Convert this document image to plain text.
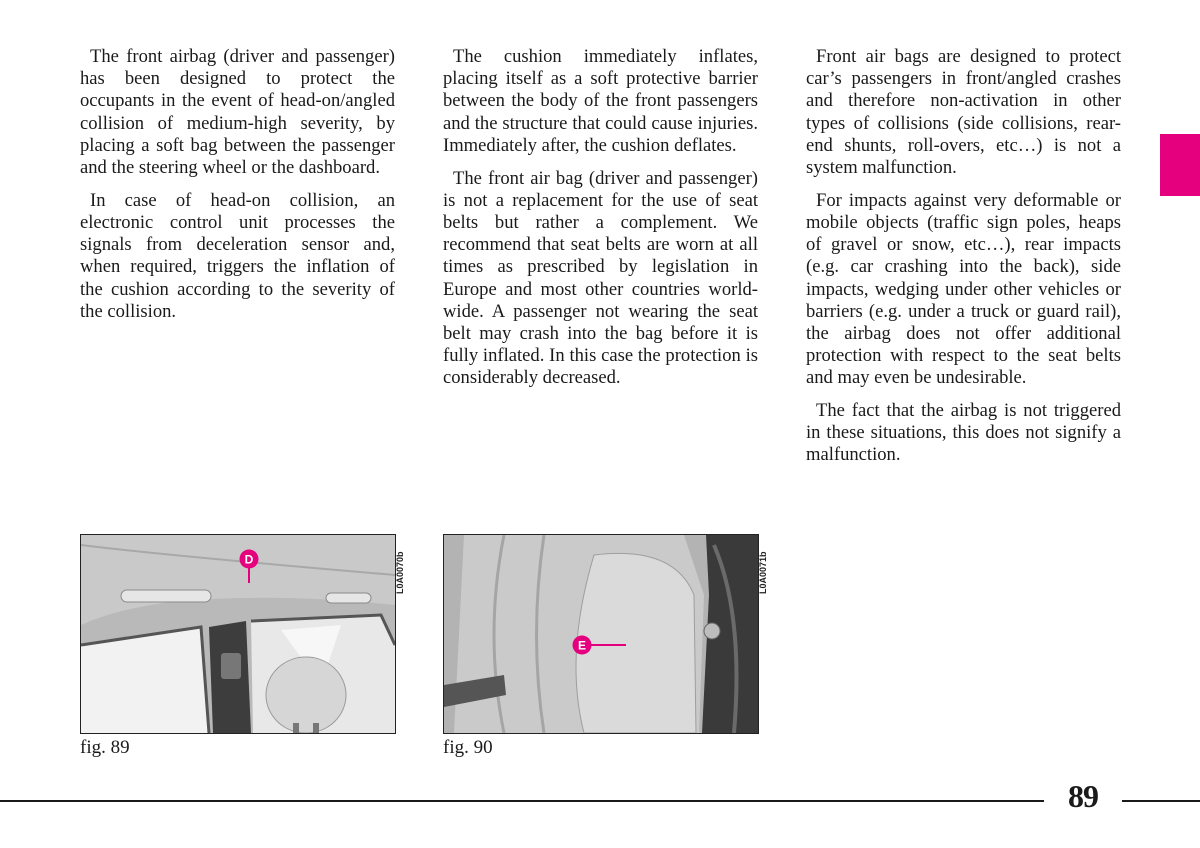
The front airbag (driver and passenger) has been designed to protect the occupants in the event of head-on/angled collision of medium-high severity, by placing a soft bag between the passenger and the steering wheel or the dashboard.

In case of head-on collision, an electronic control unit processes the signals from deceleration sensor and, when required, triggers the inflation of the cushion according to the severity of the collision.

The cushion immediately inflates, placing itself as a soft protective barrier between the body of the front passengers and the structure that could cause injuries. Immediately after, the cushion deflates.

The front air bag (driver and passenger) is not a replacement for the use of seat belts but rather a complement. We recommend that seat belts are worn at all times as prescribed by legislation in Europe and most other countries world-wide. A passenger not wearing the seat belt may crash into the bag before it is fully inflated. In this case the protection is considerably decreased.

Front air bags are designed to protect car’s passengers in front/angled crashes and therefore non-activation in other types of collisions (side collisions, rear-end shunts, roll-overs, etc…) is not a system malfunction.

For impacts against very deformable or mobile objects (traffic sign poles, heaps of gravel or snow, etc…), rear impacts (e.g. car crashing into the back), side impacts, wedging under other vehicles or barriers (e.g. under a truck or guard rail), the airbag does not offer additional protection with respect to the seat belts and may even be undesirable.

The fact that the airbag is not triggered in these situations, this does not signify a malfunction.

D	L0A0070b
fig. 89
E
L0A0071b
fig. 90
89
